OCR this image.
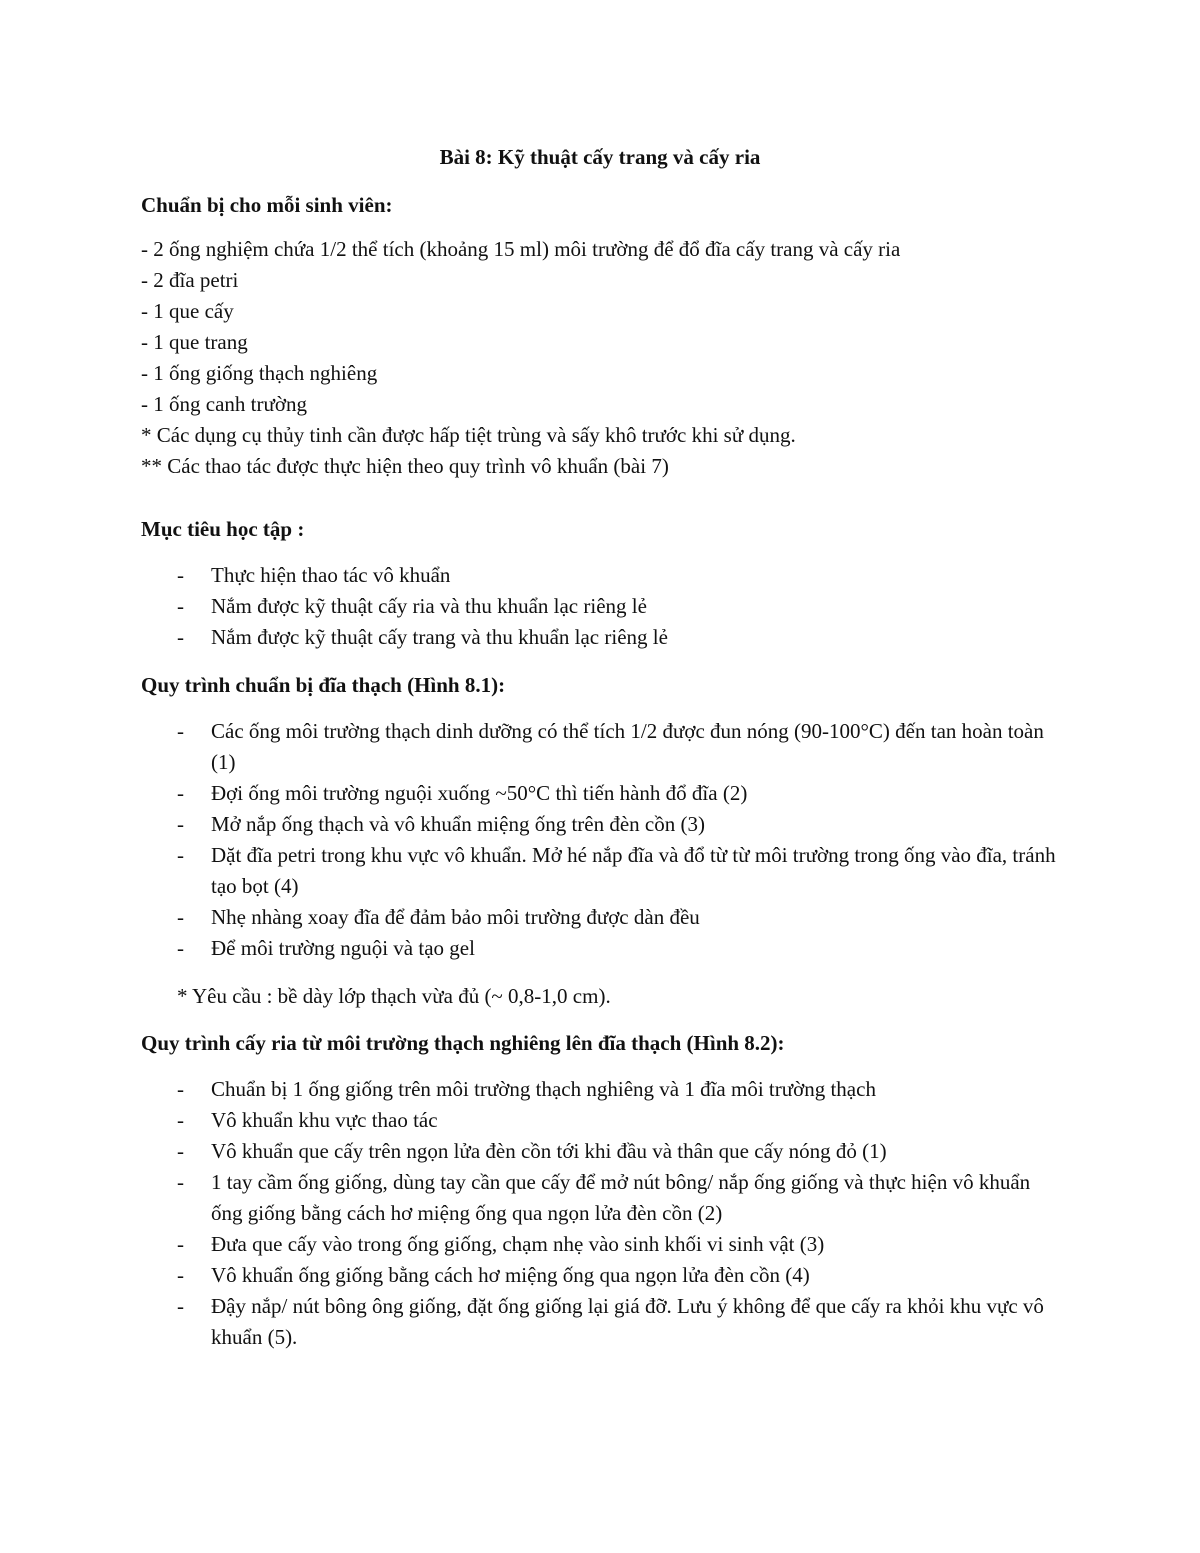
Bài 8: Kỹ thuật cấy trang và cấy ria
Chuẩn bị cho mỗi sinh viên:
- 2 ống nghiệm chứa 1/2 thể tích (khoảng 15 ml) môi trường để đổ đĩa cấy trang và cấy ria
- 2 đĩa petri
- 1 que cấy
- 1 que trang
- 1 ống giống thạch nghiêng
- 1 ống canh trường
* Các dụng cụ thủy tinh cần được hấp tiệt trùng và sấy khô trước khi sử dụng.
** Các thao tác được thực hiện theo quy trình vô khuẩn (bài 7)
Mục tiêu học tập :
- Thực hiện thao tác vô khuẩn
- Nắm được kỹ thuật cấy ria và thu khuẩn lạc riêng lẻ
- Nắm được kỹ thuật cấy trang và thu khuẩn lạc riêng lẻ
Quy trình chuẩn bị đĩa thạch (Hình 8.1):
- Các ống môi trường thạch dinh dưỡng có thể tích 1/2 được đun nóng (90-100°C) đến tan hoàn toàn (1)
- Đợi ống môi trường nguội xuống ~50°C thì tiến hành đổ đĩa (2)
- Mở nắp ống thạch và vô khuẩn miệng ống trên đèn cồn (3)
- Dặt đĩa petri trong khu vực vô khuẩn. Mở hé nắp đĩa và đổ từ từ môi trường trong ống vào đĩa, tránh tạo bọt (4)
- Nhẹ nhàng xoay đĩa để đảm bảo môi trường được dàn đều
- Để môi trường nguội và tạo gel

* Yêu cầu : bề dày lớp thạch vừa đủ (~ 0,8-1,0 cm).

Quy trình cấy ria từ môi trường thạch nghiêng lên đĩa thạch (Hình 8.2):
- Chuẩn bị 1 ống giống trên môi trường thạch nghiêng và 1 đĩa môi trường thạch
- Vô khuẩn khu vực thao tác
- Vô khuẩn que cấy trên ngọn lửa đèn cồn tới khi đầu và thân que cấy nóng đỏ (1)
- 1 tay cầm ống giống, dùng tay cần que cấy để mở nút bông/ nắp ống giống và thực hiện vô khuẩn ống giống bằng cách hơ miệng ống qua ngọn lửa đèn cồn (2)
- Đưa que cấy vào trong ống giống, chạm nhẹ vào sinh khối vi sinh vật (3)
- Vô khuẩn ống giống bằng cách hơ miệng ống qua ngọn lửa đèn cồn (4)
- Đậy nắp/ nút bông ông giống, đặt ống giống lại giá đỡ. Lưu ý không để que cấy ra khỏi khu vực vô khuẩn (5).
